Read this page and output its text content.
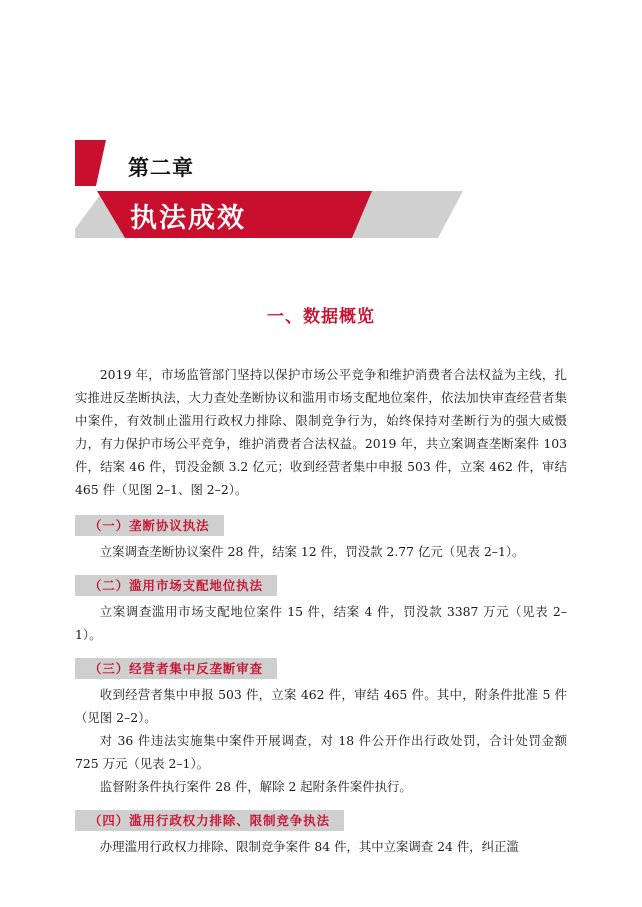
第二章
执法成效
一、数据概览

2019 年，市场监管部门坚持以保护市场公平竞争和维护消费者合法权益为主线，扎实推进反垄断执法，大力查处垄断协议和滥用市场支配地位案件，依法加快审查经营者集中案件，有效制止滥用行政权力排除、限制竞争行为，始终保持对垄断行为的强大威慑力，有力保护市场公平竞争，维护消费者合法权益。2019 年，共立案调查垄断案件 103 件，结案 46 件，罚没金额 3.2 亿元；收到经营者集中申报 503 件，立案 462 件，审结 465 件（见图 2–1、图 2–2）。

（一）垄断协议执法

立案调查垄断协议案件 28 件，结案 12 件，罚没款 2.77 亿元（见表 2–1）。

（二）滥用市场支配地位执法

立案调查滥用市场支配地位案件 15 件，结案 4 件，罚没款 3387 万元（见表 2–1）。

（三）经营者集中反垄断审查

收到经营者集中申报 503 件，立案 462 件，审结 465 件。其中，附条件批准 5 件（见图 2–2）。

对 36 件违法实施集中案件开展调查，对 18 件公开作出行政处罚，合计处罚金额 725 万元（见表 2–1）。

监督附条件执行案件 28 件，解除 2 起附条件案件执行。

（四）滥用行政权力排除、限制竞争执法

办理滥用行政权力排除、限制竞争案件 84 件，其中立案调查 24 件，纠正滥
